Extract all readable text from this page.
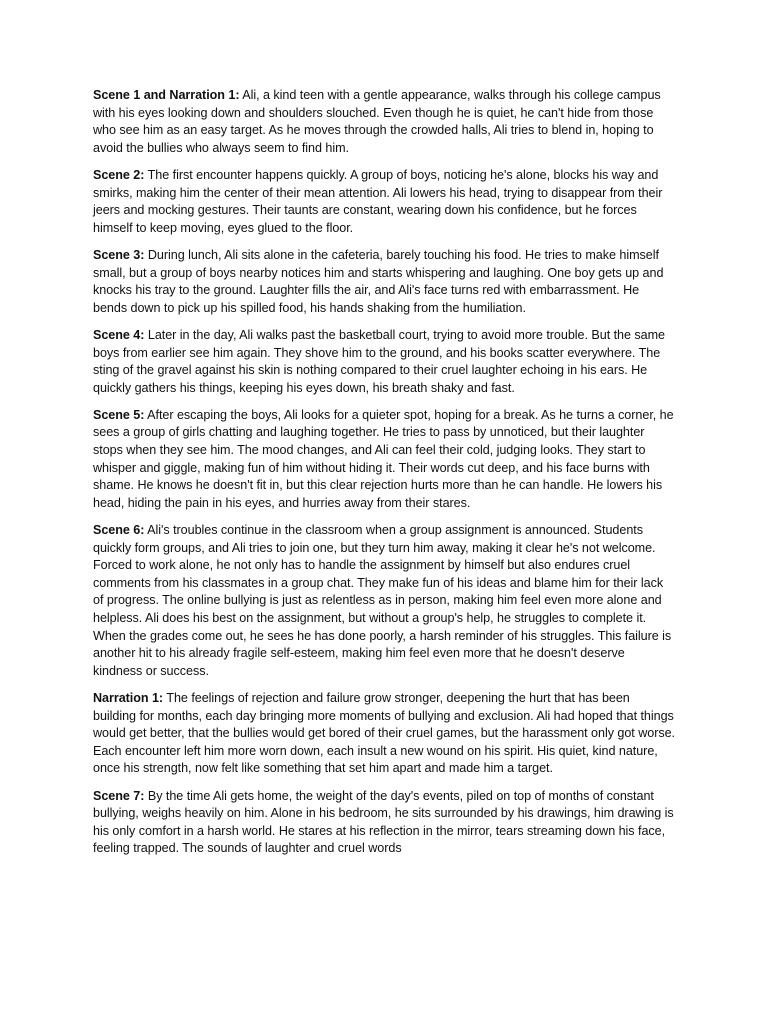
Scene 1 and Narration 1: Ali, a kind teen with a gentle appearance, walks through his college campus with his eyes looking down and shoulders slouched. Even though he is quiet, he can't hide from those who see him as an easy target. As he moves through the crowded halls, Ali tries to blend in, hoping to avoid the bullies who always seem to find him.

Scene 2: The first encounter happens quickly. A group of boys, noticing he's alone, blocks his way and smirks, making him the center of their mean attention. Ali lowers his head, trying to disappear from their jeers and mocking gestures. Their taunts are constant, wearing down his confidence, but he forces himself to keep moving, eyes glued to the floor.

Scene 3: During lunch, Ali sits alone in the cafeteria, barely touching his food. He tries to make himself small, but a group of boys nearby notices him and starts whispering and laughing. One boy gets up and knocks his tray to the ground. Laughter fills the air, and Ali's face turns red with embarrassment. He bends down to pick up his spilled food, his hands shaking from the humiliation.

Scene 4: Later in the day, Ali walks past the basketball court, trying to avoid more trouble. But the same boys from earlier see him again. They shove him to the ground, and his books scatter everywhere. The sting of the gravel against his skin is nothing compared to their cruel laughter echoing in his ears. He quickly gathers his things, keeping his eyes down, his breath shaky and fast.

Scene 5: After escaping the boys, Ali looks for a quieter spot, hoping for a break. As he turns a corner, he sees a group of girls chatting and laughing together. He tries to pass by unnoticed, but their laughter stops when they see him. The mood changes, and Ali can feel their cold, judging looks. They start to whisper and giggle, making fun of him without hiding it. Their words cut deep, and his face burns with shame. He knows he doesn't fit in, but this clear rejection hurts more than he can handle. He lowers his head, hiding the pain in his eyes, and hurries away from their stares.

Scene 6: Ali's troubles continue in the classroom when a group assignment is announced. Students quickly form groups, and Ali tries to join one, but they turn him away, making it clear he's not welcome. Forced to work alone, he not only has to handle the assignment by himself but also endures cruel comments from his classmates in a group chat. They make fun of his ideas and blame him for their lack of progress. The online bullying is just as relentless as in person, making him feel even more alone and helpless. Ali does his best on the assignment, but without a group's help, he struggles to complete it. When the grades come out, he sees he has done poorly, a harsh reminder of his struggles. This failure is another hit to his already fragile self-esteem, making him feel even more that he doesn't deserve kindness or success.

Narration 1: The feelings of rejection and failure grow stronger, deepening the hurt that has been building for months, each day bringing more moments of bullying and exclusion. Ali had hoped that things would get better, that the bullies would get bored of their cruel games, but the harassment only got worse. Each encounter left him more worn down, each insult a new wound on his spirit. His quiet, kind nature, once his strength, now felt like something that set him apart and made him a target.

Scene 7: By the time Ali gets home, the weight of the day's events, piled on top of months of constant bullying, weighs heavily on him. Alone in his bedroom, he sits surrounded by his drawings, him drawing is his only comfort in a harsh world. He stares at his reflection in the mirror, tears streaming down his face, feeling trapped. The sounds of laughter and cruel words
